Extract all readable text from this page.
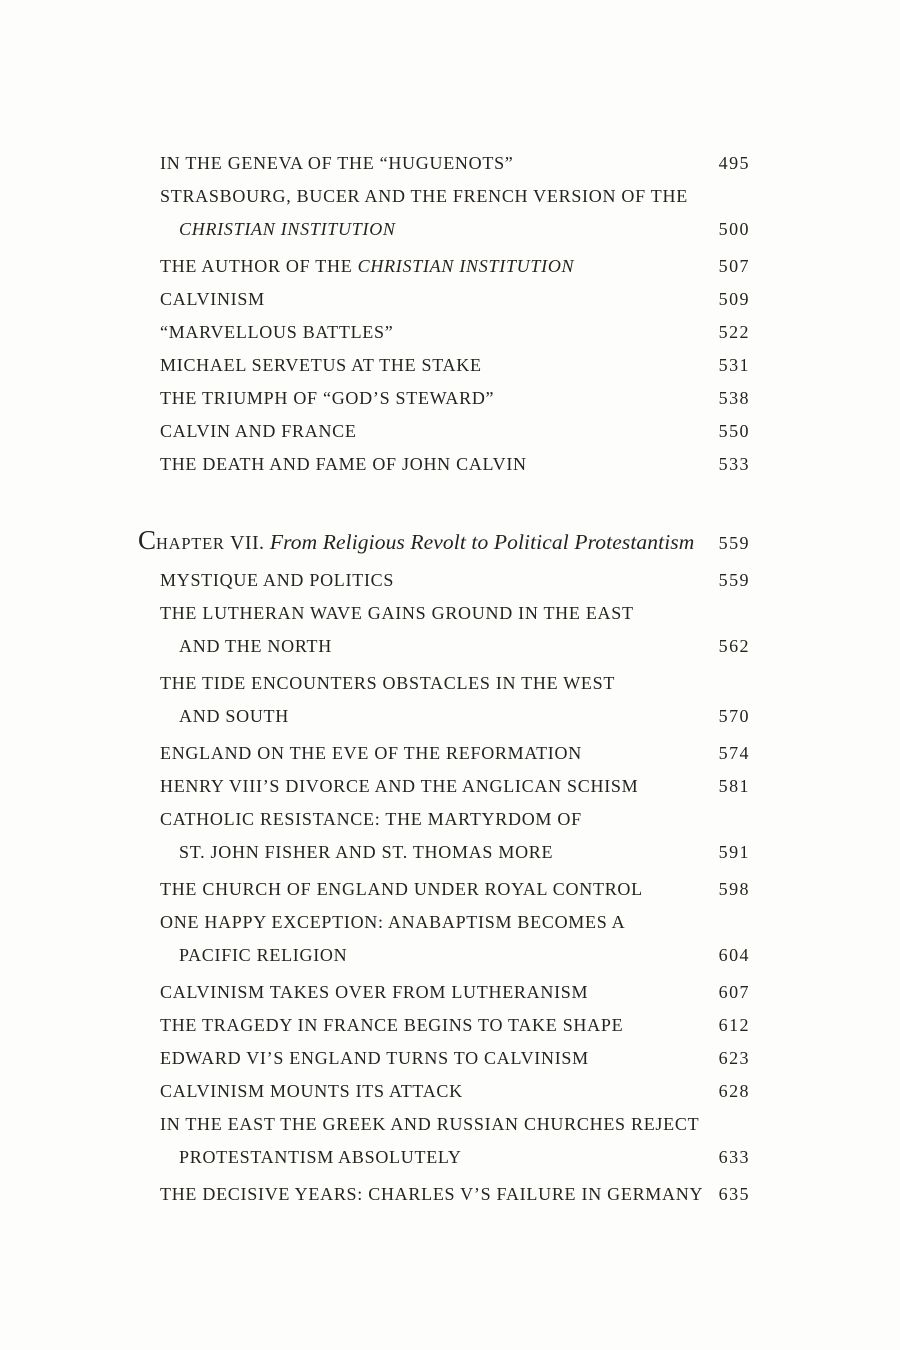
IN THE GENEVA OF THE “HUGUENOTS”	495
STRASBOURG, BUCER AND THE FRENCH VERSION OF THE
CHRISTIAN INSTITUTION	500
THE AUTHOR OF THE CHRISTIAN INSTITUTION	507
CALVINISM	509
“MARVELLOUS BATTLES”	522
MICHAEL SERVETUS AT THE STAKE	531
THE TRIUMPH OF “GOD’S STEWARD”	538
CALVIN AND FRANCE	550
THE DEATH AND FAME OF JOHN CALVIN	533
CHAPTER VII. From Religious Revolt to Political Protestantism	559
MYSTIQUE AND POLITICS	559
THE LUTHERAN WAVE GAINS GROUND IN THE EAST
AND THE NORTH	562
THE TIDE ENCOUNTERS OBSTACLES IN THE WEST
AND SOUTH	570
ENGLAND ON THE EVE OF THE REFORMATION	574
HENRY VIII’S DIVORCE AND THE ANGLICAN SCHISM	581
CATHOLIC RESISTANCE: THE MARTYRDOM OF
ST. JOHN FISHER AND ST. THOMAS MORE	591
THE CHURCH OF ENGLAND UNDER ROYAL CONTROL	598
ONE HAPPY EXCEPTION: ANABAPTISM BECOMES A
PACIFIC RELIGION	604
CALVINISM TAKES OVER FROM LUTHERANISM	607
THE TRAGEDY IN FRANCE BEGINS TO TAKE SHAPE	612
EDWARD VI’S ENGLAND TURNS TO CALVINISM	623
CALVINISM MOUNTS ITS ATTACK	628
IN THE EAST THE GREEK AND RUSSIAN CHURCHES REJECT
PROTESTANTISM ABSOLUTELY	633
THE DECISIVE YEARS: CHARLES V’S FAILURE IN GERMANY 635
